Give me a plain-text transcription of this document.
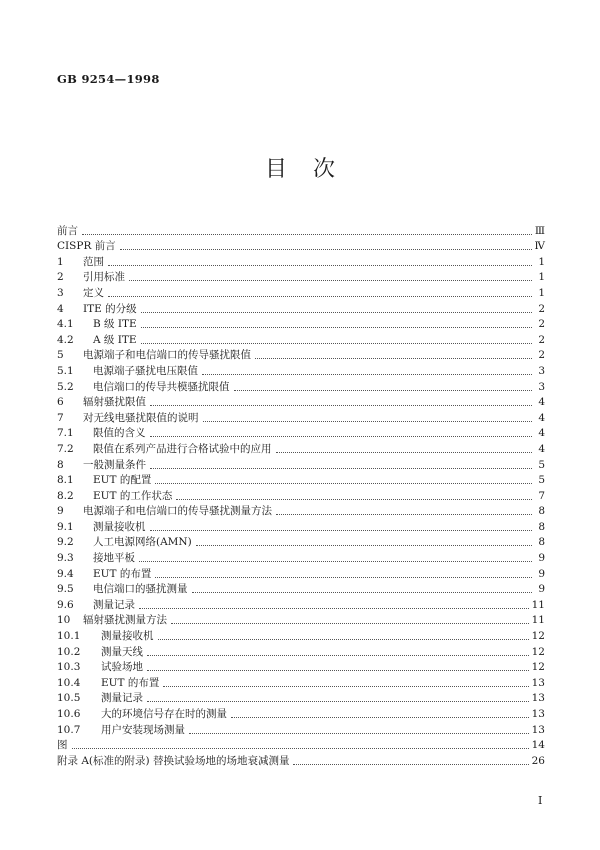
GB 9254—1998
目次
前言	Ⅲ
CISPR 前言	Ⅳ
1	范围	1
2	引用标准	1
3	定义	1
4	ITE 的分级	2
4.1	B 级 ITE	2
4.2	A 级 ITE	2
5	电源端子和电信端口的传导骚扰限值	2
5.1	电源端子骚扰电压限值	3
5.2	电信端口的传导共模骚扰限值	3
6	辐射骚扰限值	4
7	对无线电骚扰限值的说明	4
7.1	限值的含义	4
7.2	限值在系列产品进行合格试验中的应用	4
8	一般测量条件	5
8.1	EUT 的配置	5
8.2	EUT 的工作状态	7
9	电源端子和电信端口的传导骚扰测量方法	8
9.1	测量接收机	8
9.2	人工电源网络(AMN)	8
9.3	接地平板	9
9.4	EUT 的布置	9
9.5	电信端口的骚扰测量	9
9.6	测量记录	11
10	辐射骚扰测量方法	11
10.1	测量接收机	12
10.2	测量天线	12
10.3	试验场地	12
10.4	EUT 的布置	13
10.5	测量记录	13
10.6	大的环境信号存在时的测量	13
10.7	用户安装现场测量	13
图	14
附录 A(标准的附录) 替换试验场地的场地衰减测量	26
I
